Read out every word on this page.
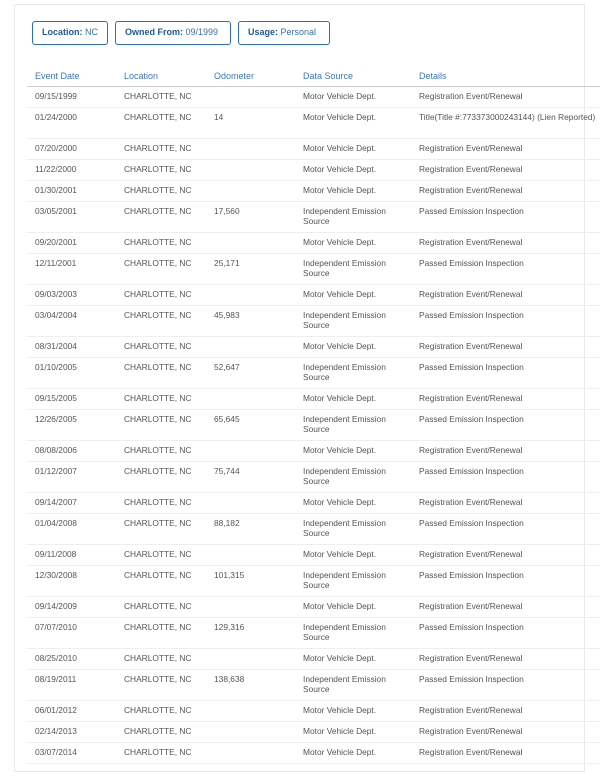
Location: NC	Owned From: 09/1999	Usage: Personal
Event Date	Location	Odometer	Data Source	Details
09/15/1999	CHARLOTTE, NC		Motor Vehicle Dept.	Registration Event/Renewal
01/24/2000	CHARLOTTE, NC	14	Motor Vehicle Dept.	Title(Title #:773373000243144) (Lien Reported)
07/20/2000	CHARLOTTE, NC		Motor Vehicle Dept.	Registration Event/Renewal
11/22/2000	CHARLOTTE, NC		Motor Vehicle Dept.	Registration Event/Renewal
01/30/2001	CHARLOTTE, NC		Motor Vehicle Dept.	Registration Event/Renewal
03/05/2001	CHARLOTTE, NC	17,560	Independent Emission Source	Passed Emission Inspection
09/20/2001	CHARLOTTE, NC		Motor Vehicle Dept.	Registration Event/Renewal
12/11/2001	CHARLOTTE, NC	25,171	Independent Emission Source	Passed Emission Inspection
09/03/2003	CHARLOTTE, NC		Motor Vehicle Dept.	Registration Event/Renewal
03/04/2004	CHARLOTTE, NC	45,983	Independent Emission Source	Passed Emission Inspection
08/31/2004	CHARLOTTE, NC		Motor Vehicle Dept.	Registration Event/Renewal
01/10/2005	CHARLOTTE, NC	52,647	Independent Emission Source	Passed Emission Inspection
09/15/2005	CHARLOTTE, NC		Motor Vehicle Dept.	Registration Event/Renewal
12/26/2005	CHARLOTTE, NC	65,645	Independent Emission Source	Passed Emission Inspection
08/08/2006	CHARLOTTE, NC		Motor Vehicle Dept.	Registration Event/Renewal
01/12/2007	CHARLOTTE, NC	75,744	Independent Emission Source	Passed Emission Inspection
09/14/2007	CHARLOTTE, NC		Motor Vehicle Dept.	Registration Event/Renewal
01/04/2008	CHARLOTTE, NC	88,182	Independent Emission Source	Passed Emission Inspection
09/11/2008	CHARLOTTE, NC		Motor Vehicle Dept.	Registration Event/Renewal
12/30/2008	CHARLOTTE, NC	101,315	Independent Emission Source	Passed Emission Inspection
09/14/2009	CHARLOTTE, NC		Motor Vehicle Dept.	Registration Event/Renewal
07/07/2010	CHARLOTTE, NC	129,316	Independent Emission Source	Passed Emission Inspection
08/25/2010	CHARLOTTE, NC		Motor Vehicle Dept.	Registration Event/Renewal
08/19/2011	CHARLOTTE, NC	138,638	Independent Emission Source	Passed Emission Inspection
06/01/2012	CHARLOTTE, NC		Motor Vehicle Dept.	Registration Event/Renewal
02/14/2013	CHARLOTTE, NC		Motor Vehicle Dept.	Registration Event/Renewal
03/07/2014	CHARLOTTE, NC		Motor Vehicle Dept.	Registration Event/Renewal
